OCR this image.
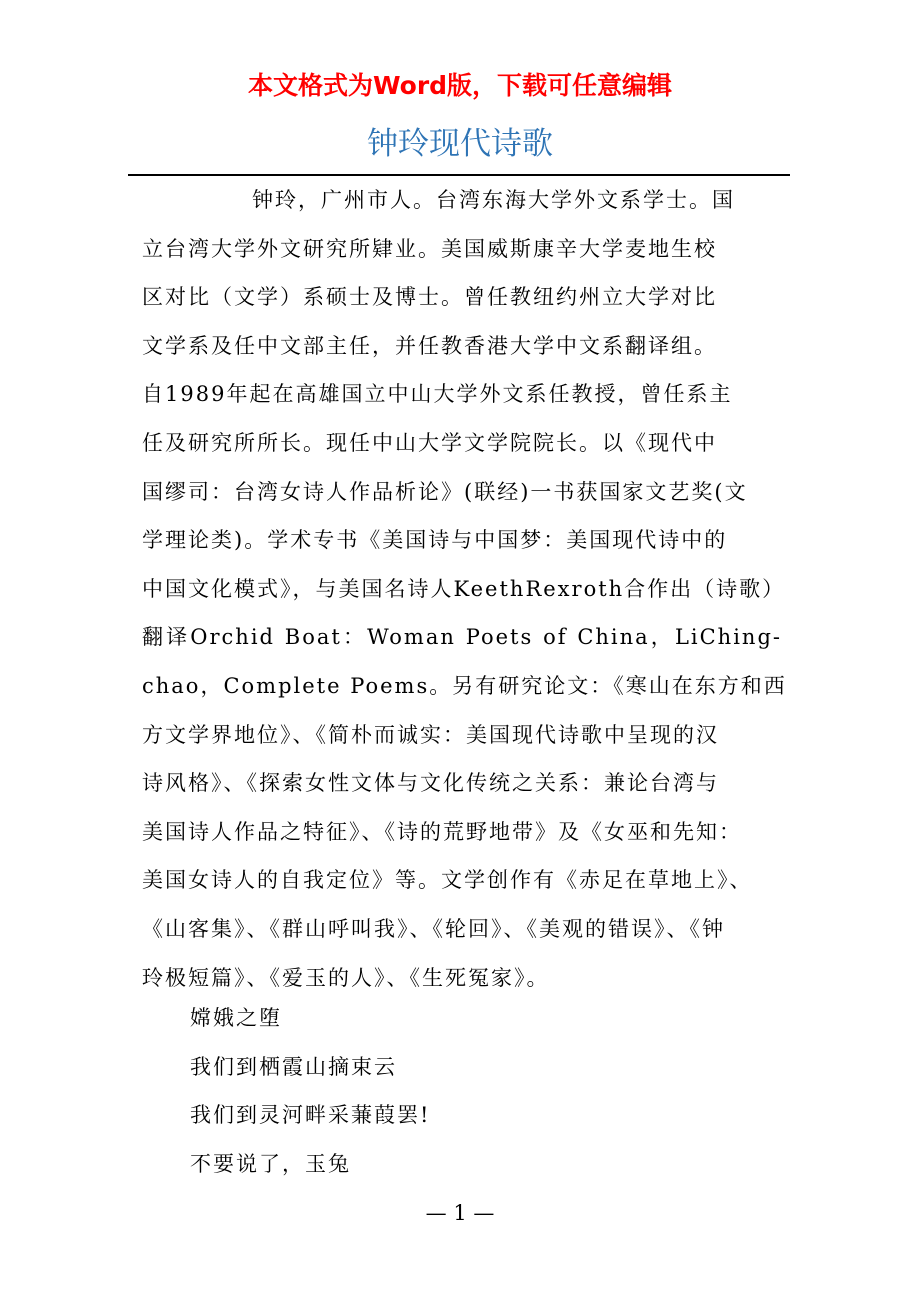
本文格式为Word版，下载可任意编辑
钟玲现代诗歌
钟玲，广州市人。台湾东海大学外文系学士。国
立台湾大学外文研究所肄业。美国威斯康辛大学麦地生校
区对比（文学）系硕士及博士。曾任教纽约州立大学对比
文学系及任中文部主任，并任教香港大学中文系翻译组。
自1989年起在高雄国立中山大学外文系任教授，曾任系主
任及研究所所长。现任中山大学文学院院长。以《现代中
国缪司：台湾女诗人作品析论》(联经)一书获国家文艺奖(文
学理论类)。学术专书《美国诗与中国梦：美国现代诗中的
中国文化模式》，与美国名诗人KeethRexroth合作出（诗歌）
翻译Orchid Boat：Woman Poets of China，LiChing-
chao，Complete Poems。另有研究论文：《寒山在东方和西
方文学界地位》、《简朴而诚实：美国现代诗歌中呈现的汉
诗风格》、《探索女性文体与文化传统之关系：兼论台湾与
美国诗人作品之特征》、《诗的荒野地带》及《女巫和先知：
美国女诗人的自我定位》等。文学创作有《赤足在草地上》、
《山客集》、《群山呼叫我》、《轮回》、《美观的错误》、《钟
玲极短篇》、《爱玉的人》、《生死冤家》。
嫦娥之堕
我们到栖霞山摘束云
我们到灵河畔采蒹葭罢!
不要说了，玉兔
— 1 —
